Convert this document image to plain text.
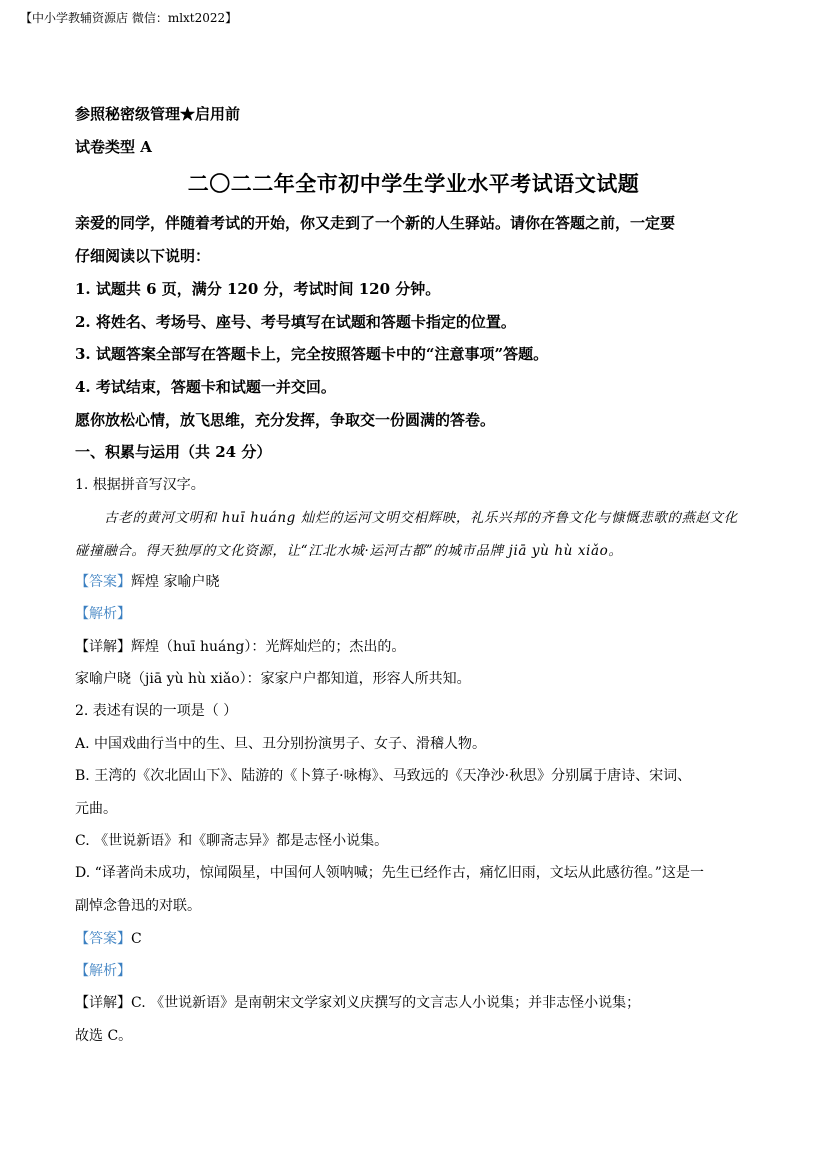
【中小学教辅资源店 微信：mlxt2022】
参照秘密级管理★启用前
试卷类型 A
二〇二二年全市初中学生学业水平考试语文试题
亲爱的同学，伴随着考试的开始，你又走到了一个新的人生驿站。请你在答题之前，一定要
仔细阅读以下说明：
1. 试题共 6 页，满分 120 分，考试时间 120 分钟。
2. 将姓名、考场号、座号、考号填写在试题和答题卡指定的位置。
3. 试题答案全部写在答题卡上，完全按照答题卡中的“注意事项”答题。
4. 考试结束，答题卡和试题一并交回。
愿你放松心情，放飞思维，充分发挥，争取交一份圆满的答卷。
一、积累与运用（共 24 分）
1. 根据拼音写汉字。
古老的黄河文明和 huī huáng 灿烂的运河文明交相辉映，礼乐兴邦的齐鲁文化与慷慨悲歌的燕赵文化
碰撞融合。得天独厚的文化资源，让“江北水城·运河古都”的城市品牌 jiā yù hù xiǎo。
【答案】辉煌 家喻户晓
【解析】
【详解】辉煌（huī huáng）：光辉灿烂的；杰出的。
家喻户晓（jiā yù hù xiǎo）：家家户户都知道，形容人所共知。
2. 表述有误的一项是（ ）
A. 中国戏曲行当中的生、旦、丑分别扮演男子、女子、滑稽人物。
B. 王湾的《次北固山下》、陆游的《卜算子·咏梅》、马致远的《天净沙·秋思》分别属于唐诗、宋词、
元曲。
C. 《世说新语》和《聊斋志异》都是志怪小说集。
D. “译著尚未成功，惊闻陨星，中国何人领呐喊；先生已经作古，痛忆旧雨，文坛从此感彷徨。”这是一
副悼念鲁迅的对联。
【答案】C
【解析】
【详解】C. 《世说新语》是南朝宋文学家刘义庆撰写的文言志人小说集；并非志怪小说集；
故选 C。
